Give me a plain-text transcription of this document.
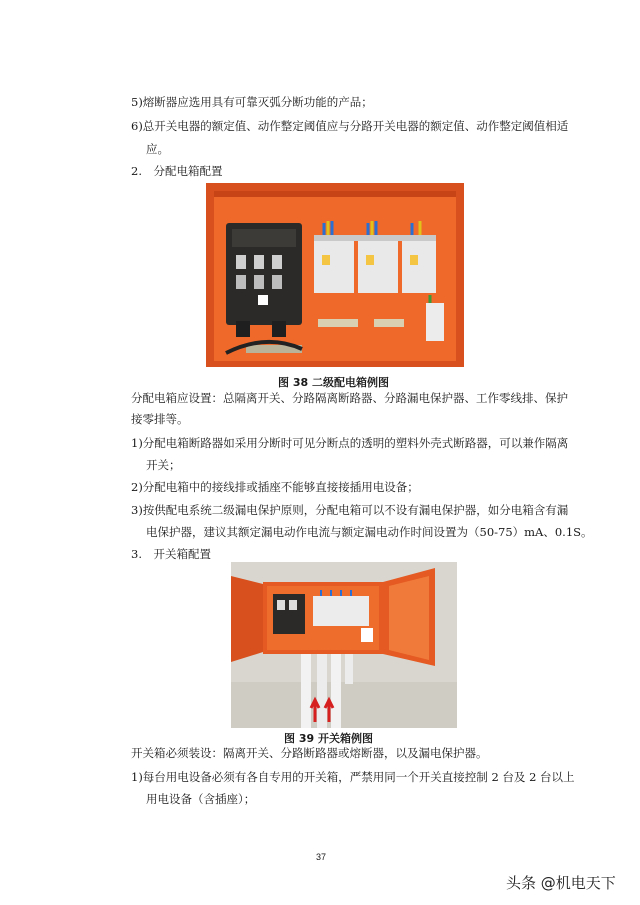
5)熔断器应选用具有可靠灭弧分断功能的产品；
6)总开关电器的额定值、动作整定阈值应与分路开关电器的额定值、动作整定阈值相适
应。
2.　分配电箱配置
图 38 二级配电箱例图
分配电箱应设置：总隔离开关、分路隔离断路器、分路漏电保护器、工作零线排、保护
接零排等。
1)分配电箱断路器如采用分断时可见分断点的透明的塑料外壳式断路器，可以兼作隔离
开关；
2)分配电箱中的接线排或插座不能够直接接插用电设备；
3)按供配电系统二级漏电保护原则，分配电箱可以不设有漏电保护器，如分电箱含有漏
电保护器，建议其额定漏电动作电流与额定漏电动作时间设置为（50-75）mA、0.1S。
3.　开关箱配置
图 39 开关箱例图
开关箱必须装设：隔离开关、分路断路器或熔断器，以及漏电保护器。
1)每台用电设备必须有各自专用的开关箱，严禁用同一个开关直接控制 2 台及 2 台以上
用电设备（含插座）；
37
头条 @机电天下
